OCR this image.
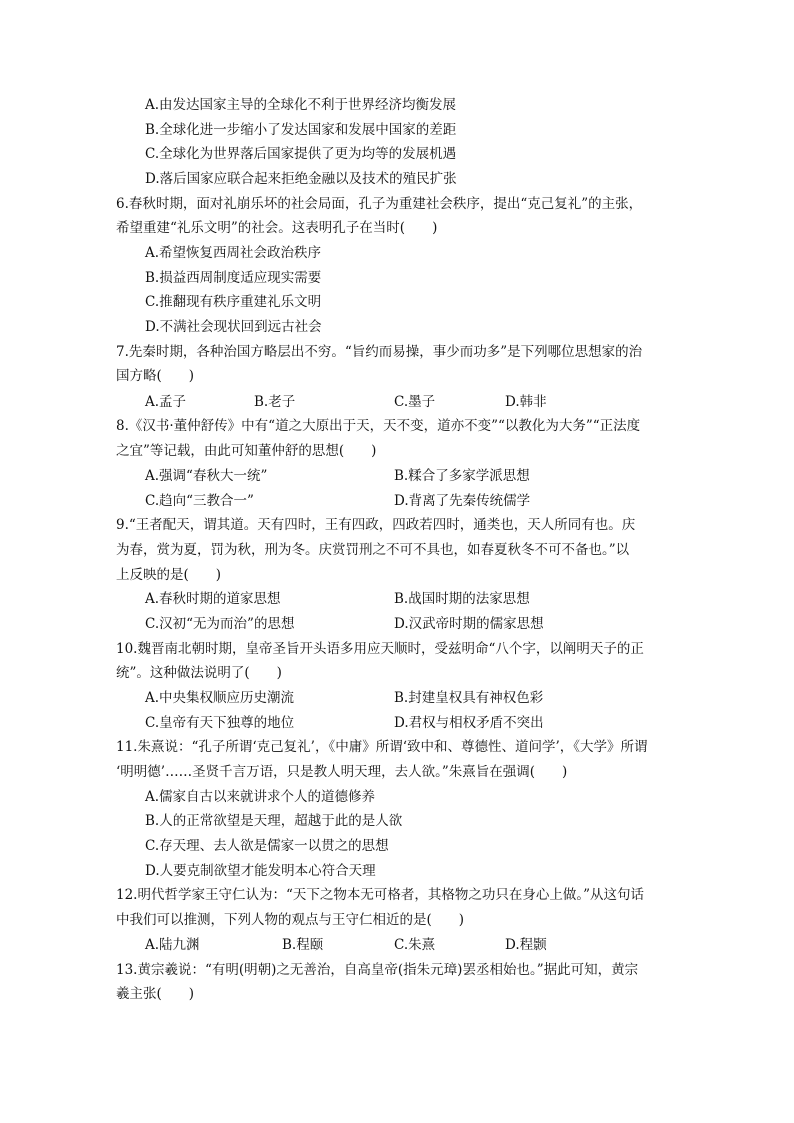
A.由发达国家主导的全球化不利于世界经济均衡发展
B.全球化进一步缩小了发达国家和发展中国家的差距
C.全球化为世界落后国家提供了更为均等的发展机遇
D.落后国家应联合起来拒绝金融以及技术的殖民扩张
6.春秋时期，面对礼崩乐坏的社会局面，孔子为重建社会秩序，提出“克己复礼”的主张，
希望重建“礼乐文明”的社会。这表明孔子在当时(　　)
A.希望恢复西周社会政治秩序
B.损益西周制度适应现实需要
C.推翻现有秩序重建礼乐文明
D.不满社会现状回到远古社会
7.先秦时期，各种治国方略层出不穷。“旨约而易操，事少而功多”是下列哪位思想家的治
国方略(　　)
A.孟子	B.老子	C.墨子	D.韩非
8.《汉书·董仲舒传》中有“道之大原出于天，天不变，道亦不变”“以教化为大务”“正法度
之宜”等记载，由此可知董仲舒的思想(　　)
A.强调“春秋大一统”	B.糅合了多家学派思想
C.趋向“三教合一”	D.背离了先秦传统儒学
9.“王者配天，谓其道。天有四时，王有四政，四政若四时，通类也，天人所同有也。庆
为春，赏为夏，罚为秋，刑为冬。庆赏罚刑之不可不具也，如春夏秋冬不可不备也。”以
上反映的是(　　)
A.春秋时期的道家思想	B.战国时期的法家思想
C.汉初“无为而治”的思想	D.汉武帝时期的儒家思想
10.魏晋南北朝时期，皇帝圣旨开头语多用应天顺时，受兹明命“八个字，以阐明天子的正
统”。这种做法说明了(　　)
A.中央集权顺应历史潮流	B.封建皇权具有神权色彩
C.皇帝有天下独尊的地位	D.君权与相权矛盾不突出
11.朱熹说：“孔子所谓‘克己复礼’，《中庸》所谓‘致中和、尊德性、道问学’，《大学》所谓
‘明明德’……圣贤千言万语，只是教人明天理，去人欲。”朱熹旨在强调(　　)
A.儒家自古以来就讲求个人的道德修养
B.人的正常欲望是天理，超越于此的是人欲
C.存天理、去人欲是儒家一以贯之的思想
D.人要克制欲望才能发明本心符合天理
12.明代哲学家王守仁认为：“天下之物本无可格者，其格物之功只在身心上做。”从这句话
中我们可以推测，下列人物的观点与王守仁相近的是(　　)
A.陆九渊	B.程颐	C.朱熹	D.程颢
13.黄宗羲说：“有明(明朝)之无善治，自高皇帝(指朱元璋)罢丞相始也。”据此可知，黄宗
羲主张(　　)
